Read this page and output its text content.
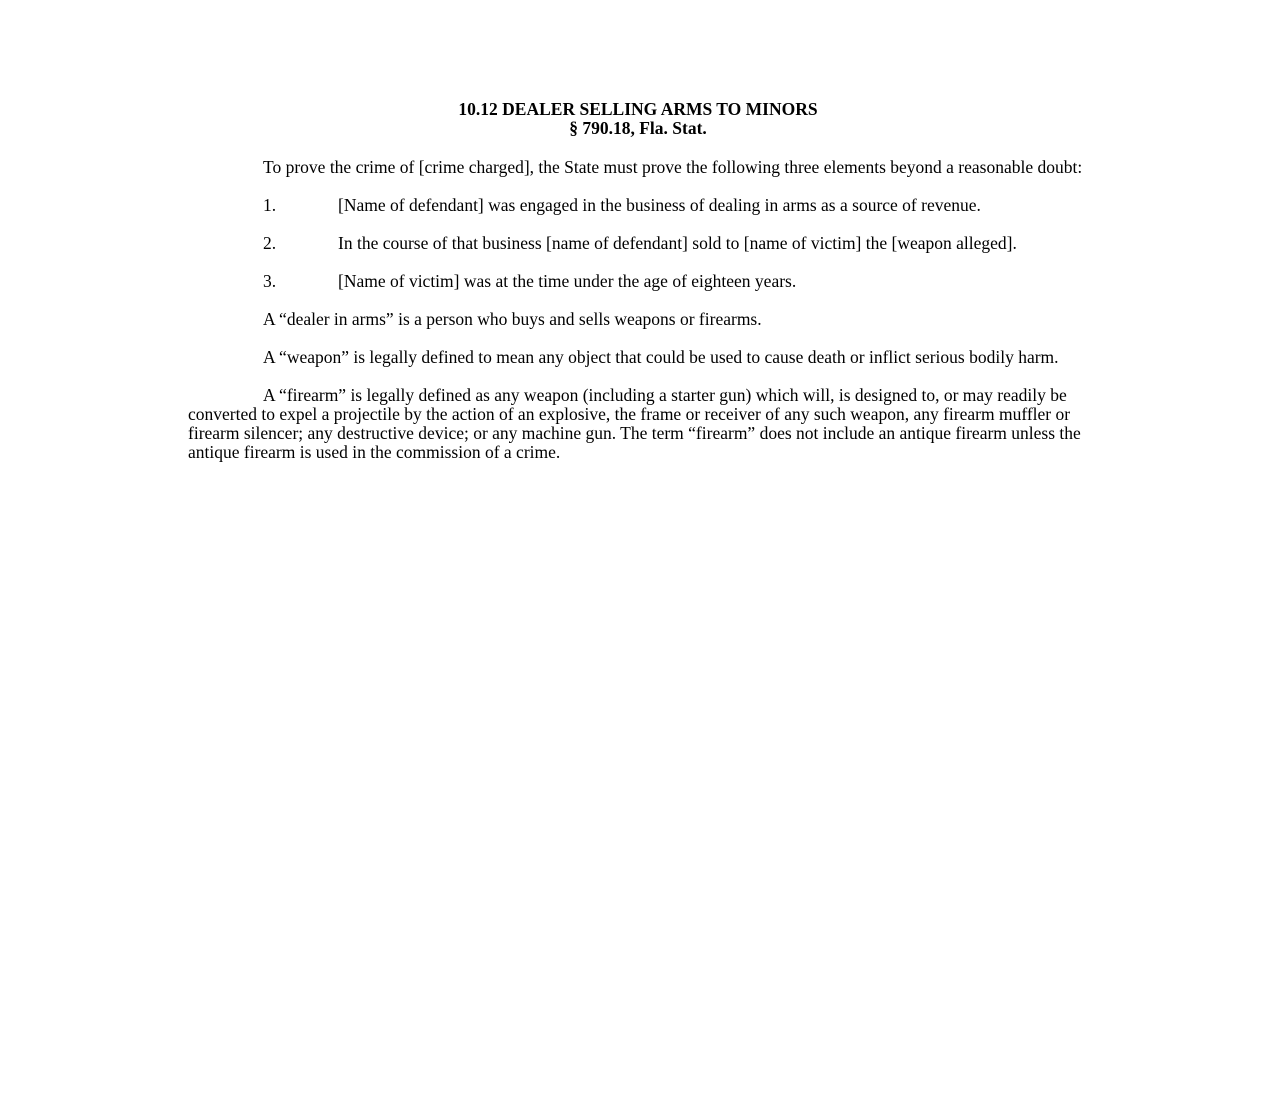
10.12 DEALER SELLING ARMS TO MINORS
§ 790.18, Fla. Stat.

To prove the crime of [crime charged], the State must prove the following three elements beyond a reasonable doubt:

1.	[Name of defendant] was engaged in the business of dealing in arms as a source of revenue.
2.	In the course of that business [name of defendant] sold to [name of victim] the [weapon alleged].
3.	[Name of victim] was at the time under the age of eighteen years.

A “dealer in arms” is a person who buys and sells weapons or firearms.

A “weapon” is legally defined to mean any object that could be used to cause death or inflict serious bodily harm.

A “firearm” is legally defined as any weapon (including a starter gun) which will, is designed to, or may readily be converted to expel a projectile by the action of an explosive, the frame or receiver of any such weapon, any firearm muffler or firearm silencer; any destructive device; or any machine gun. The term “firearm” does not include an antique firearm unless the antique firearm is used in the commission of a crime.
